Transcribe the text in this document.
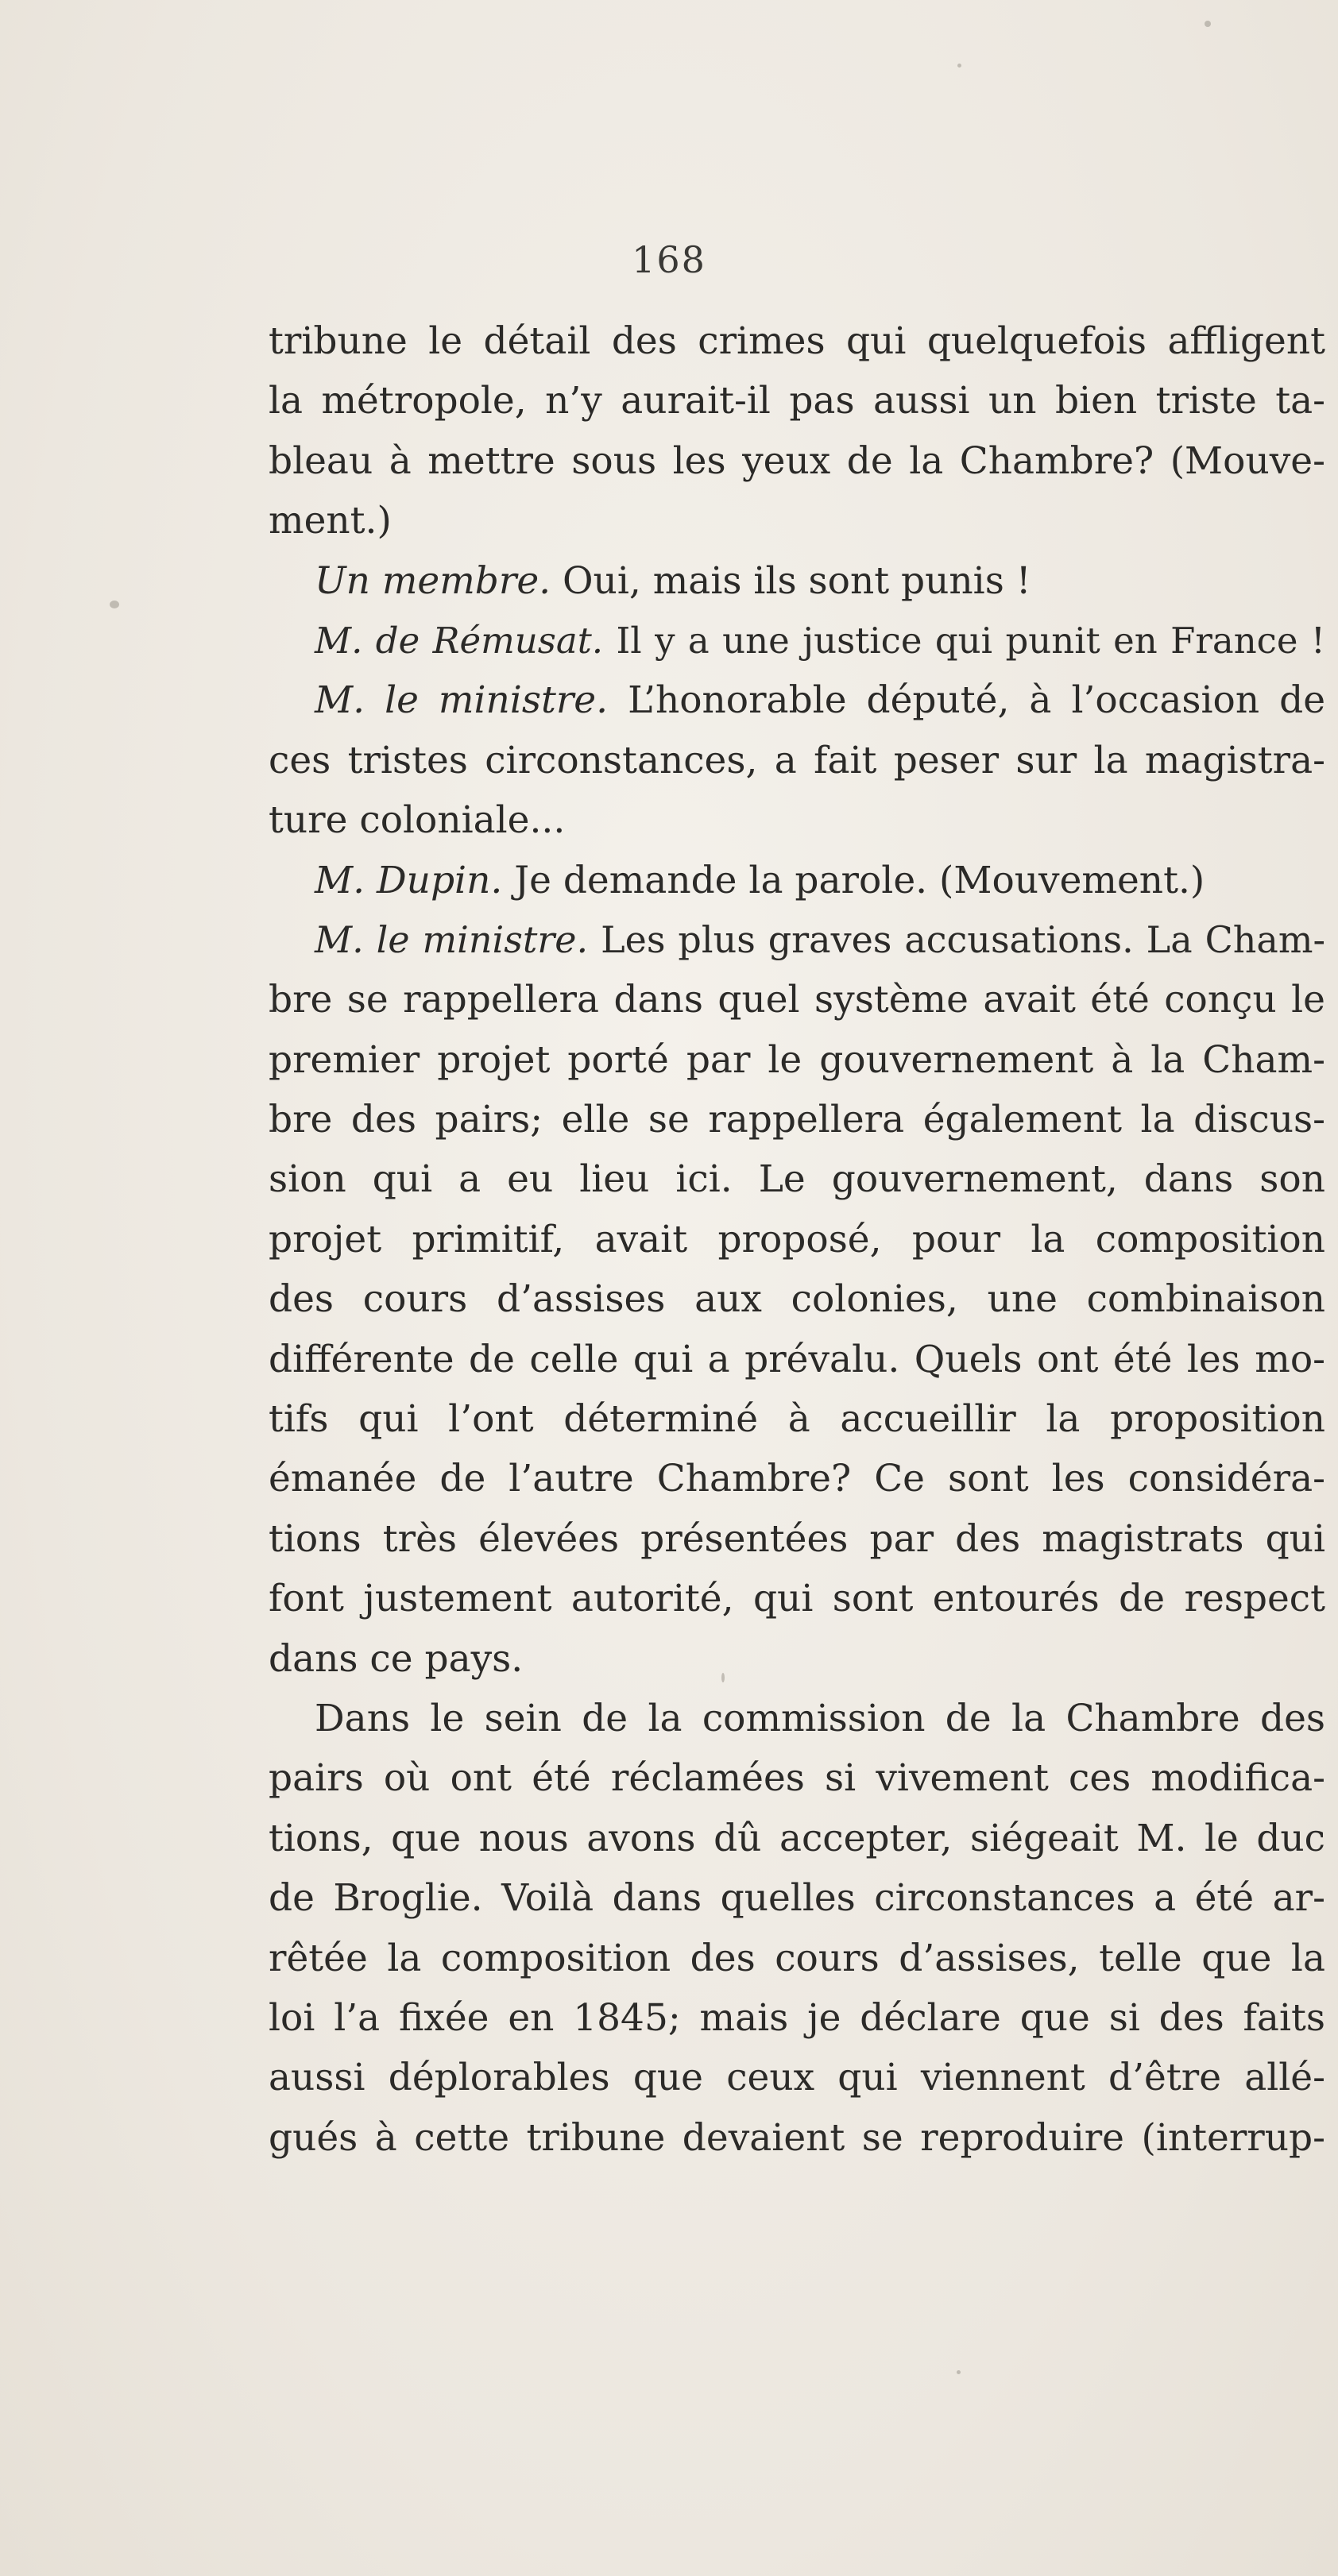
168
tribune le détail des crimes qui quelquefois affligent
la métropole, n’y aurait-il pas aussi un bien triste ta-
bleau à mettre sous les yeux de la Chambre? (Mouve-
ment.)
Un membre. Oui, mais ils sont punis !
M. de Rémusat. Il y a une justice qui punit en France !
M. le ministre. L’honorable député, à l’occasion de
ces tristes circonstances, a fait peser sur la magistra-
ture coloniale...
M. Dupin. Je demande la parole. (Mouvement.)
M. le ministre. Les plus graves accusations. La Cham-
bre se rappellera dans quel système avait été conçu le
premier projet porté par le gouvernement à la Cham-
bre des pairs; elle se rappellera également la discus-
sion qui a eu lieu ici. Le gouvernement, dans son
projet primitif, avait proposé, pour la composition
des cours d’assises aux colonies, une combinaison
différente de celle qui a prévalu. Quels ont été les mo-
tifs qui l’ont déterminé à accueillir la proposition
émanée de l’autre Chambre? Ce sont les considéra-
tions très élevées présentées par des magistrats qui
font justement autorité, qui sont entourés de respect
dans ce pays.
Dans le sein de la commission de la Chambre des
pairs où ont été réclamées si vivement ces modifica-
tions, que nous avons dû accepter, siégeait M. le duc
de Broglie. Voilà dans quelles circonstances a été ar-
rêtée la composition des cours d’assises, telle que la
loi l’a fixée en 1845; mais je déclare que si des faits
aussi déplorables que ceux qui viennent d’être allé-
gués à cette tribune devaient se reproduire (interrup-
